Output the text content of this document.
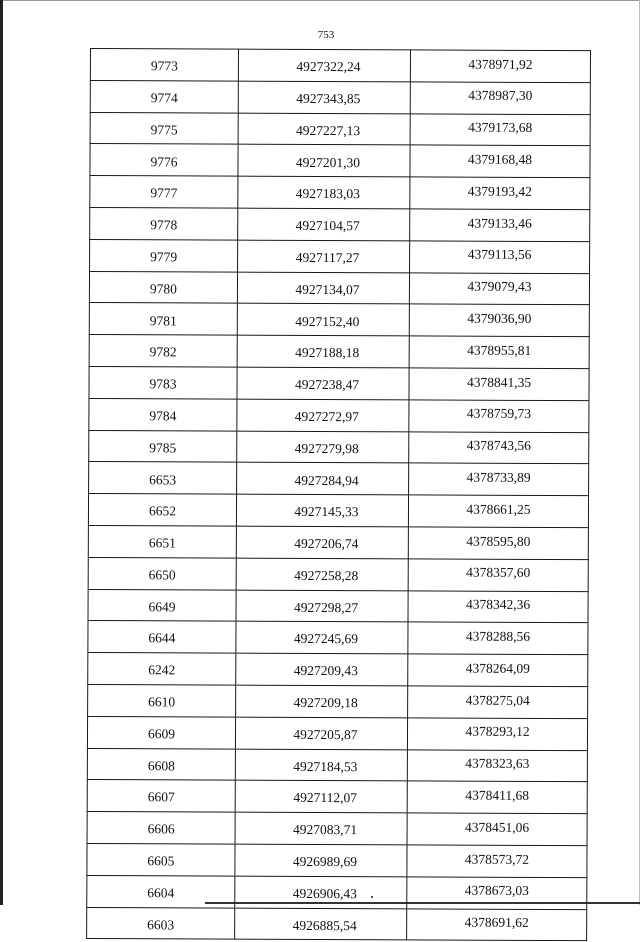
753
9773	4927322,24	4378971,92
9774	4927343,85	4378987,30
9775	4927227,13	4379173,68
9776	4927201,30	4379168,48
9777	4927183,03	4379193,42
9778	4927104,57	4379133,46
9779	4927117,27	4379113,56
9780	4927134,07	4379079,43
9781	4927152,40	4379036,90
9782	4927188,18	4378955,81
9783	4927238,47	4378841,35
9784	4927272,97	4378759,73
9785	4927279,98	4378743,56
6653	4927284,94	4378733,89
6652	4927145,33	4378661,25
6651	4927206,74	4378595,80
6650	4927258,28	4378357,60
6649	4927298,27	4378342,36
6644	4927245,69	4378288,56
6242	4927209,43	4378264,09
6610	4927209,18	4378275,04
6609	4927205,87	4378293,12
6608	4927184,53	4378323,63
6607	4927112,07	4378411,68
6606	4927083,71	4378451,06
6605	4926989,69	4378573,72
6604	4926906,43	4378673,03
6603	4926885,54	4378691,62
